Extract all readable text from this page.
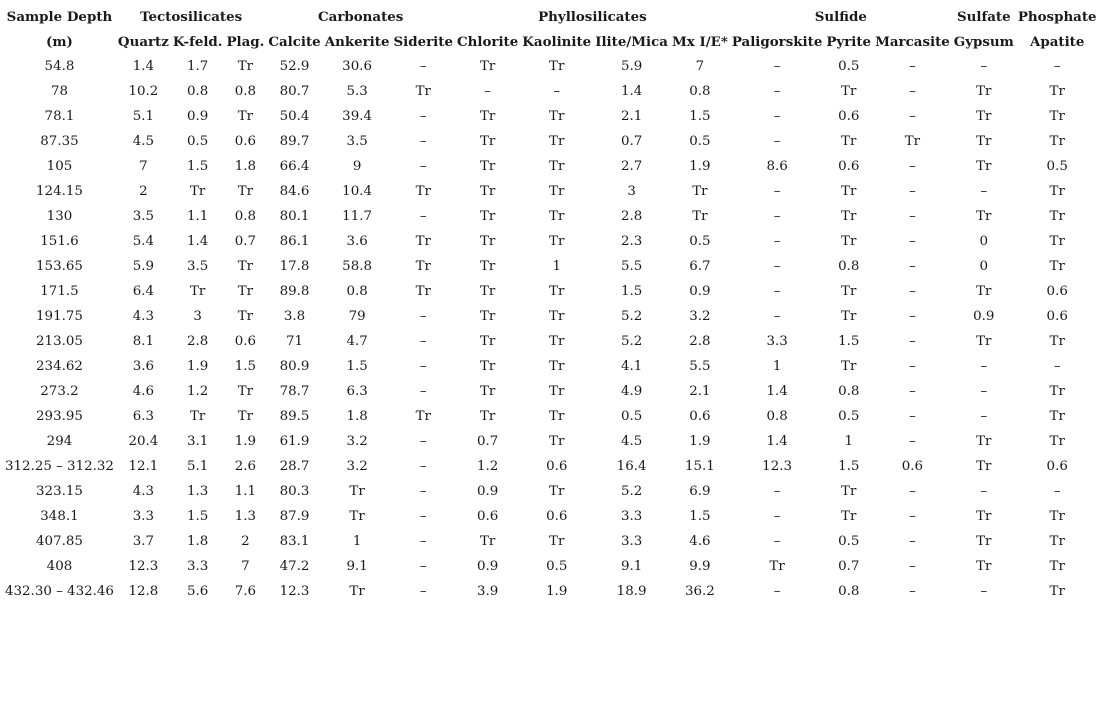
Sample Depth	Tectosilicates			Carbonates			Phyllosilicates				Sulfide			Sulfate	Phosphate
(m)	Quartz	K-feld.	Plag.	Calcite	Ankerite	Siderite	Chlorite	Kaolinite	Ilite/Mica	Mx I/E*	Paligorskite	Pyrite	Marcasite	Gypsum	Apatite
54.8	1.4	1.7	Tr	52.9	30.6	–	Tr	Tr	5.9	7	–	0.5	–	–	–
78	10.2	0.8	0.8	80.7	5.3	Tr	–	–	1.4	0.8	–	Tr	–	Tr	Tr
78.1	5.1	0.9	Tr	50.4	39.4	–	Tr	Tr	2.1	1.5	–	0.6	–	Tr	Tr
87.35	4.5	0.5	0.6	89.7	3.5	–	Tr	Tr	0.7	0.5	–	Tr	Tr	Tr	Tr
105	7	1.5	1.8	66.4	9	–	Tr	Tr	2.7	1.9	8.6	0.6	–	Tr	0.5
124.15	2	Tr	Tr	84.6	10.4	Tr	Tr	Tr	3	Tr	–	Tr	–	–	Tr
130	3.5	1.1	0.8	80.1	11.7	–	Tr	Tr	2.8	Tr	–	Tr	–	Tr	Tr
151.6	5.4	1.4	0.7	86.1	3.6	Tr	Tr	Tr	2.3	0.5	–	Tr	–	0	Tr
153.65	5.9	3.5	Tr	17.8	58.8	Tr	Tr	1	5.5	6.7	–	0.8	–	0	Tr
171.5	6.4	Tr	Tr	89.8	0.8	Tr	Tr	Tr	1.5	0.9	–	Tr	–	Tr	0.6
191.75	4.3	3	Tr	3.8	79	–	Tr	Tr	5.2	3.2	–	Tr	–	0.9	0.6
213.05	8.1	2.8	0.6	71	4.7	–	Tr	Tr	5.2	2.8	3.3	1.5	–	Tr	Tr
234.62	3.6	1.9	1.5	80.9	1.5	–	Tr	Tr	4.1	5.5	1	Tr	–	–	–
273.2	4.6	1.2	Tr	78.7	6.3	–	Tr	Tr	4.9	2.1	1.4	0.8	–	–	Tr
293.95	6.3	Tr	Tr	89.5	1.8	Tr	Tr	Tr	0.5	0.6	0.8	0.5	–	–	Tr
294	20.4	3.1	1.9	61.9	3.2	–	0.7	Tr	4.5	1.9	1.4	1	–	Tr	Tr
312.25 – 312.32	12.1	5.1	2.6	28.7	3.2	–	1.2	0.6	16.4	15.1	12.3	1.5	0.6	Tr	0.6
323.15	4.3	1.3	1.1	80.3	Tr	–	0.9	Tr	5.2	6.9	–	Tr	–	–	–
348.1	3.3	1.5	1.3	87.9	Tr	–	0.6	0.6	3.3	1.5	–	Tr	–	Tr	Tr
407.85	3.7	1.8	2	83.1	1	–	Tr	Tr	3.3	4.6	–	0.5	–	Tr	Tr
408	12.3	3.3	7	47.2	9.1	–	0.9	0.5	9.1	9.9	Tr	0.7	–	Tr	Tr
432.30 – 432.46	12.8	5.6	7.6	12.3	Tr	–	3.9	1.9	18.9	36.2	–	0.8	–	–	Tr
